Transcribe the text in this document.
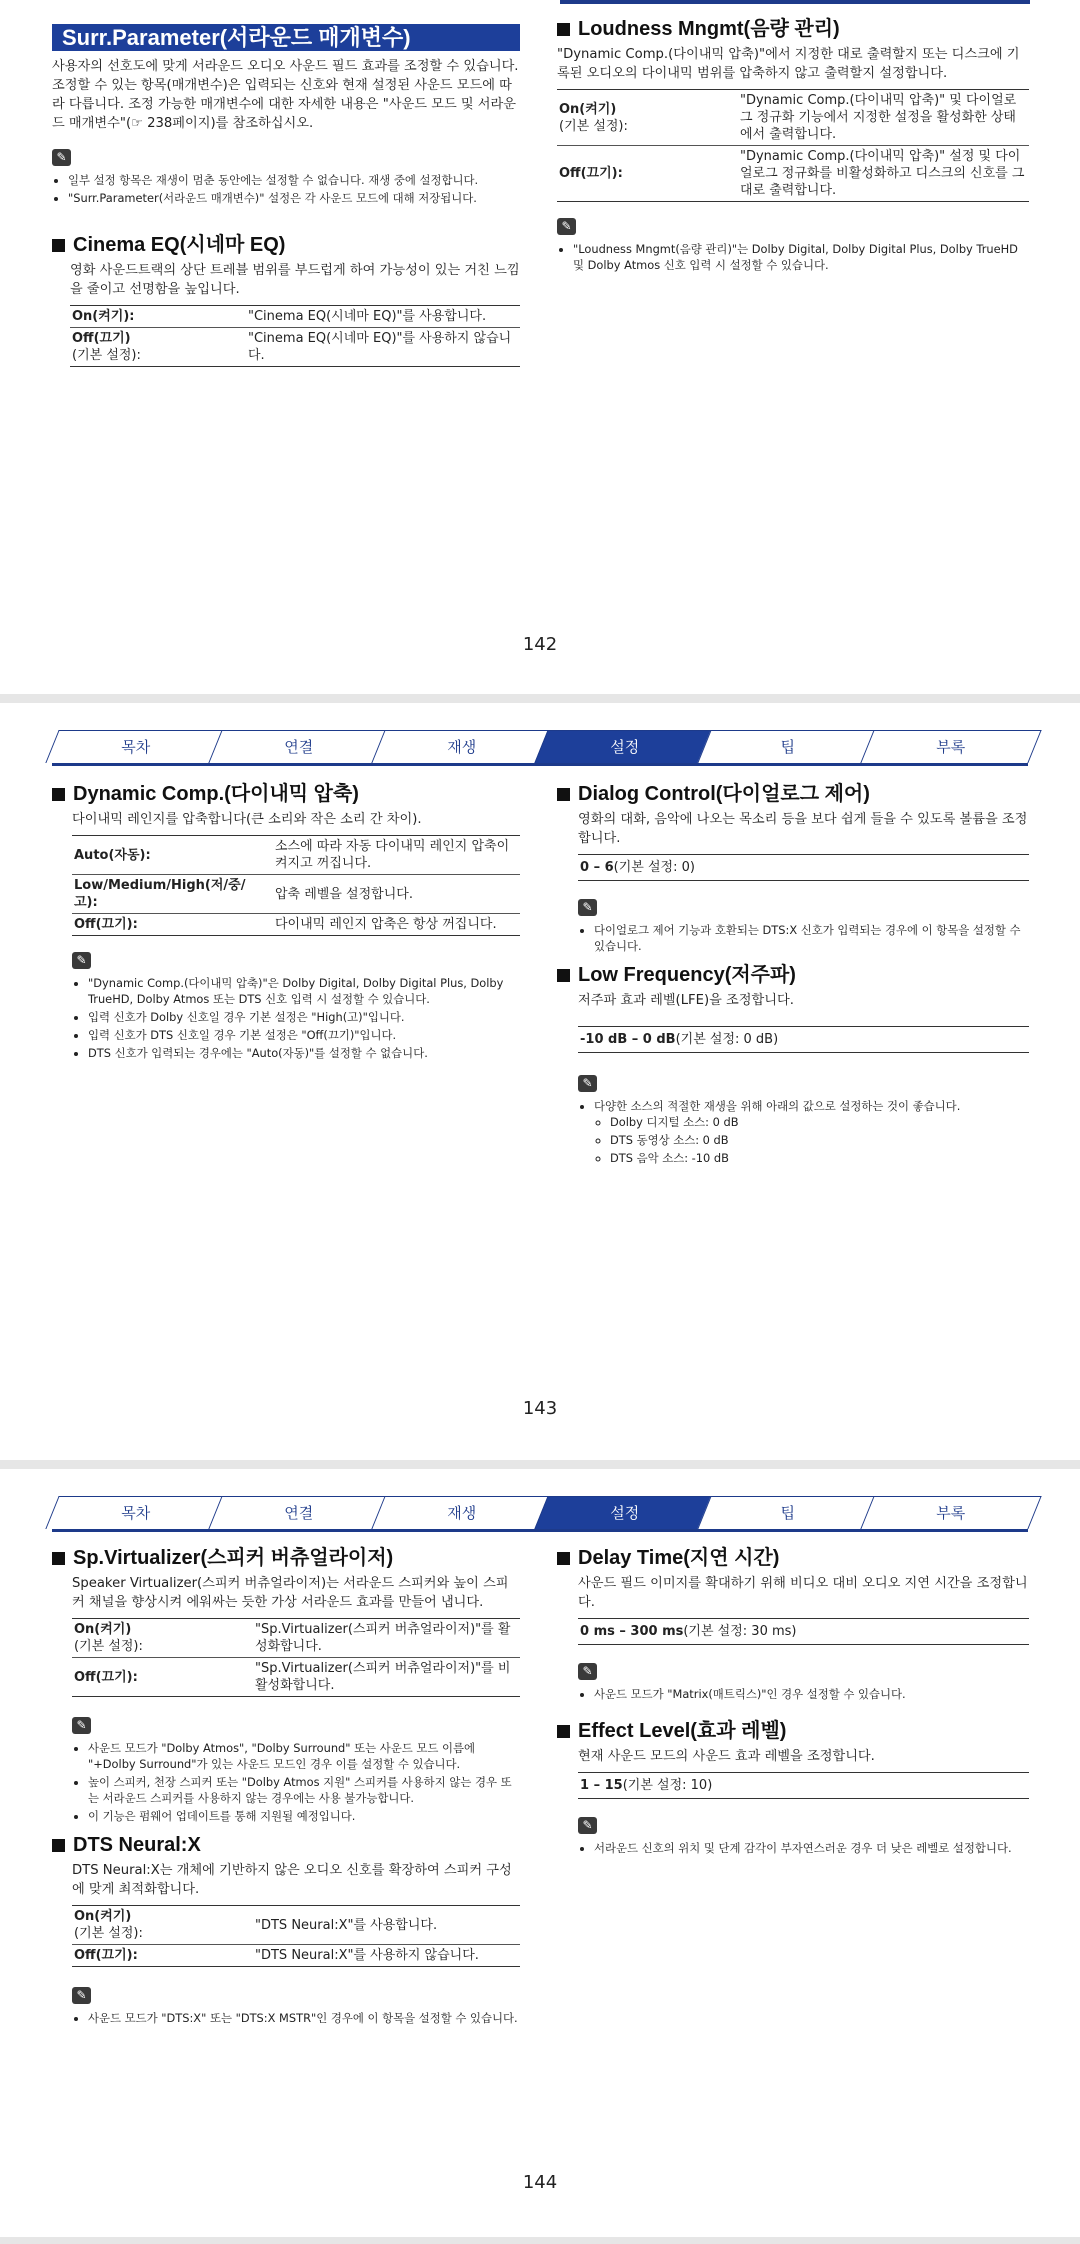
Surr.Parameter(서라운드 매개변수)

사용자의 선호도에 맞게 서라운드 오디오 사운드 필드 효과를 조정할 수 있습니다. 조정할 수 있는 항목(매개변수)은 입력되는 신호와 현재 설정된 사운드 모드에 따라 다릅니다. 조정 가능한 매개변수에 대한 자세한 내용은 "사운드 모드 및 서라운드 매개변수"(☞ 238페이지)를 참조하십시오.

✎
• 일부 설정 항목은 재생이 멈춘 동안에는 설정할 수 없습니다. 재생 중에 설정합니다.
• "Surr.Parameter(서라운드 매개변수)" 설정은 각 사운드 모드에 대해 저장됩니다.
Cinema EQ(시네마 EQ)

영화 사운드트랙의 상단 트레블 범위를 부드럽게 하여 가능성이 있는 거친 느낌을 줄이고 선명함을 높입니다.

On(켜기):	"Cinema EQ(시네마 EQ)"를 사용합니다.
Off(끄기)
(기본 설정):	"Cinema EQ(시네마 EQ)"를 사용하지 않습니다.
Loudness Mngmt(음량 관리)

"Dynamic Comp.(다이내믹 압축)"에서 지정한 대로 출력할지 또는 디스크에 기록된 오디오의 다이내믹 범위를 압축하지 않고 출력할지 설정합니다.

On(켜기)
(기본 설정):	"Dynamic Comp.(다이내믹 압축)" 및 다이얼로그 정규화 기능에서 지정한 설정을 활성화한 상태에서 출력합니다.
Off(끄기):	"Dynamic Comp.(다이내믹 압축)" 설정 및 다이얼로그 정규화를 비활성화하고 디스크의 신호를 그대로 출력합니다.
✎
• "Loudness Mngmt(음량 관리)"는 Dolby Digital, Dolby Digital Plus, Dolby TrueHD 및 Dolby Atmos 신호 입력 시 설정할 수 있습니다.
142
목차	연결	재생	설정	팁	부록
Dynamic Comp.(다이내믹 압축)

다이내믹 레인지를 압축합니다(큰 소리와 작은 소리 간 차이).

Auto(자동):	소스에 따라 자동 다이내믹 레인지 압축이 켜지고 꺼집니다.
Low/Medium/High(저/중/고):	압축 레벨을 설정합니다.
Off(끄기):	다이내믹 레인지 압축은 항상 꺼집니다.
✎
• "Dynamic Comp.(다이내믹 압축)"은 Dolby Digital, Dolby Digital Plus, Dolby TrueHD, Dolby Atmos 또는 DTS 신호 입력 시 설정할 수 있습니다.
• 입력 신호가 Dolby 신호일 경우 기본 설정은 "High(고)"입니다.
• 입력 신호가 DTS 신호일 경우 기본 설정은 "Off(끄기)"입니다.
• DTS 신호가 입력되는 경우에는 "Auto(자동)"를 설정할 수 없습니다.
Dialog Control(다이얼로그 제어)

영화의 대화, 음악에 나오는 목소리 등을 보다 쉽게 들을 수 있도록 볼륨을 조정합니다.

0 – 6(기본 설정: 0)
✎
• 다이얼로그 제어 기능과 호환되는 DTS:X 신호가 입력되는 경우에 이 항목을 설정할 수 있습니다.
Low Frequency(저주파)

저주파 효과 레벨(LFE)을 조정합니다.

-10 dB – 0 dB(기본 설정: 0 dB)
✎
• 다양한 소스의 적절한 재생을 위해 아래의 값으로 설정하는 것이 좋습니다.
◦ Dolby 디지털 소스: 0 dB
◦ DTS 동영상 소스: 0 dB
◦ DTS 음악 소스: -10 dB
143
목차	연결	재생	설정	팁	부록
Sp.Virtualizer(스피커 버츄얼라이저)

Speaker Virtualizer(스피커 버츄얼라이저)는 서라운드 스피커와 높이 스피커 채널을 향상시켜 에워싸는 듯한 가상 서라운드 효과를 만들어 냅니다.

On(켜기)
(기본 설정):	"Sp.Virtualizer(스피커 버츄얼라이저)"를 활성화합니다.
Off(끄기):	"Sp.Virtualizer(스피커 버츄얼라이저)"를 비활성화합니다.
✎
• 사운드 모드가 "Dolby Atmos", "Dolby Surround" 또는 사운드 모드 이름에 "+Dolby Surround"가 있는 사운드 모드인 경우 이를 설정할 수 있습니다.
• 높이 스피커, 천장 스피커 또는 "Dolby Atmos 지원" 스피커를 사용하지 않는 경우 또는 서라운드 스피커를 사용하지 않는 경우에는 사용 불가능합니다.
• 이 기능은 펌웨어 업데이트를 통해 지원될 예정입니다.
DTS Neural:X

DTS Neural:X는 개체에 기반하지 않은 오디오 신호를 확장하여 스피커 구성에 맞게 최적화합니다.

On(켜기)
(기본 설정):	"DTS Neural:X"를 사용합니다.
Off(끄기):	"DTS Neural:X"를 사용하지 않습니다.
✎
• 사운드 모드가 "DTS:X" 또는 "DTS:X MSTR"인 경우에 이 항목을 설정할 수 있습니다.
Delay Time(지연 시간)

사운드 필드 이미지를 확대하기 위해 비디오 대비 오디오 지연 시간을 조정합니다.

0 ms – 300 ms(기본 설정: 30 ms)
✎
• 사운드 모드가 "Matrix(매트릭스)"인 경우 설정할 수 있습니다.
Effect Level(효과 레벨)

현재 사운드 모드의 사운드 효과 레벨을 조정합니다.

1 – 15(기본 설정: 10)
✎
• 서라운드 신호의 위치 및 단계 감각이 부자연스러운 경우 더 낮은 레벨로 설정합니다.
144
